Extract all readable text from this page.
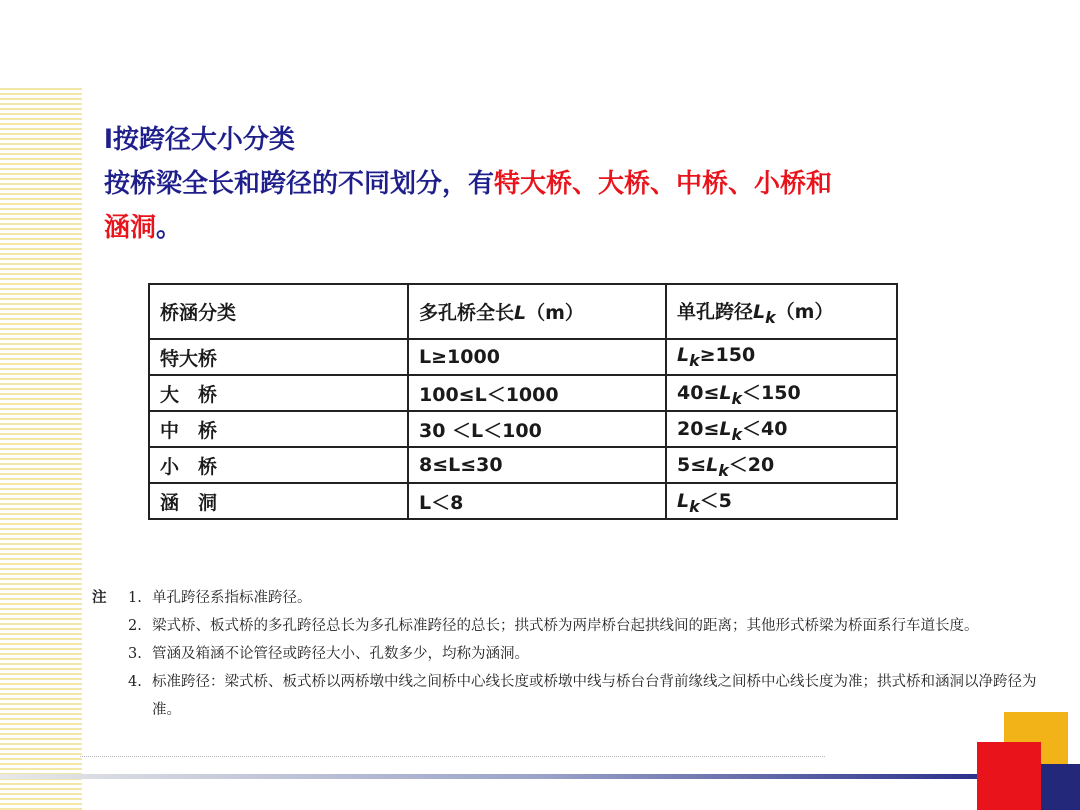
l按跨径大小分类
按桥梁全长和跨径的不同划分，有特大桥、大桥、中桥、小桥和
涵洞。
桥涵分类	多孔桥全长L（m）	单孔跨径$L_k(m)$
特大桥	L≥1000	$L_k\ge 150$
大　桥	100≤L＜1000	$40\le L_k<150$
中　桥	30 ＜L＜100	$20\le L_k<40$
小　桥	8≤L≤30	$5\le L_k<20$
涵　洞	L＜8	$L_k<5$
注 1. 单孔跨径系指标准跨径。
2. 梁式桥、板式桥的多孔跨径总长为多孔标准跨径的总长；拱式桥为两岸桥台起拱线间的距离；其他形式桥梁为桥面系行车道长度。
3. 管涵及箱涵不论管径或跨径大小、孔数多少，均称为涵洞。
4. 标准跨径：梁式桥、板式桥以两桥墩中线之间桥中心线长度或桥墩中线与桥台台背前缘线之间桥中心线长度为准；拱式桥和涵洞以净跨径为准。
